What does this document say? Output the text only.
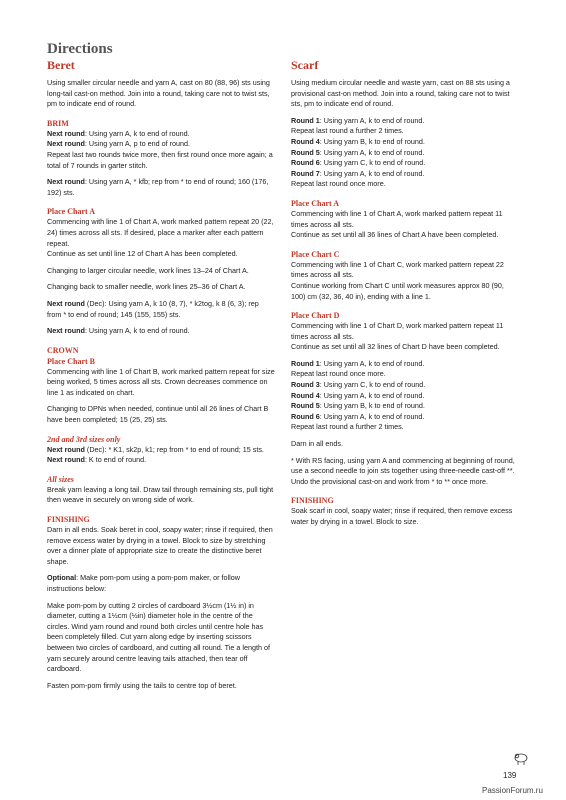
Directions
Beret
Using smaller circular needle and yarn A, cast on 80 (88, 96) sts using long-tail cast-on method. Join into a round, taking care not to twist sts, pm to indicate end of round.
BRIM

Next round: Using yarn A, k to end of round.

Next round: Using yarn A, p to end of round.

Repeat last two rounds twice more, then first round once more again; a total of 7 rounds in garter stitch.

Next round: Using yarn A, * kfb; rep from * to end of round; 160 (176, 192) sts.

Place Chart A

Commencing with line 1 of Chart A, work marked pattern repeat 20 (22, 24) times across all sts. If desired, place a marker after each pattern repeat.

Continue as set until line 12 of Chart A has been completed.

Changing to larger circular needle, work lines 13–24 of Chart A.
Changing back to smaller needle, work lines 25–36 of Chart A.

Next round (Dec): Using yarn A, k 10 (8, 7), * k2tog, k 8 (6, 3); rep from * to end of round; 145 (155, 155) sts.

Next round: Using yarn A, k to end of round.

CROWN
Place Chart B
Commencing with line 1 of Chart B, work marked pattern repeat for size being worked, 5 times across all sts. Crown decreases commence on line 1 as indicated on chart.
Changing to DPNs when needed, continue until all 26 lines of Chart B have been completed; 15 (25, 25) sts.
2nd and 3rd sizes only

Next round (Dec): * K1, sk2p, k1; rep from * to end of round; 15 sts.

Next round: K to end of round.

All sizes
Break yarn leaving a long tail. Draw tail through remaining sts, pull tight then weave in securely on wrong side of work.
FINISHING
Darn in all ends. Soak beret in cool, soapy water; rinse if required, then remove excess water by drying in a towel. Block to size by stretching over a dinner plate of appropriate size to create the distinctive beret shape.

Optional: Make pom-pom using a pom-pom maker, or follow instructions below:

Make pom-pom by cutting 2 circles of cardboard 3½cm (1½ in) in diameter, cutting a 1½cm (½in) diameter hole in the centre of the circles. Wind yarn round and round both circles until centre hole has been completely filled. Cut yarn along edge by inserting scissors between two circles of cardboard, and cutting all round. Tie a length of yarn securely around centre leaving tails attached, then tear off cardboard.
Fasten pom-pom firmly using the tails to centre top of beret.
Scarf
Using medium circular needle and waste yarn, cast on 88 sts using a provisional cast-on method. Join into a round, taking care not to twist sts, pm to indicate end of round.

Round 1: Using yarn A, k to end of round.

Repeat last round a further 2 times.

Round 4: Using yarn B, k to end of round.

Round 5: Using yarn A, k to end of round.

Round 6: Using yarn C, k to end of round.

Round 7: Using yarn A, k to end of round.

Repeat last round once more.

Place Chart A

Commencing with line 1 of Chart A, work marked pattern repeat 11 times across all sts.

Continue as set until all 36 lines of Chart A have been completed.

Place Chart C

Commencing with line 1 of Chart C, work marked pattern repeat 22 times across all sts.

Continue working from Chart C until work measures approx 80 (90, 100) cm (32, 36, 40 in), ending with a line 1.

Place Chart D

Commencing with line 1 of Chart D, work marked pattern repeat 11 times across all sts.

Continue as set until all 32 lines of Chart D have been completed.

Round 1: Using yarn A, k to end of round.

Repeat last round once more.

Round 3: Using yarn C, k to end of round.

Round 4: Using yarn A, k to end of round.

Round 5: Using yarn B, k to end of round.

Round 6: Using yarn A, k to end of round.

Repeat last round a further 2 times.

Darn in all ends.
* With RS facing, using yarn A and commencing at beginning of round, use a second needle to join sts together using three-needle cast-off **. Undo the provisional cast-on and work from * to ** once more.
FINISHING
Soak scarf in cool, soapy water; rinse if required, then remove excess water by drying in a towel. Block to size.
139
PassionForum.ru
